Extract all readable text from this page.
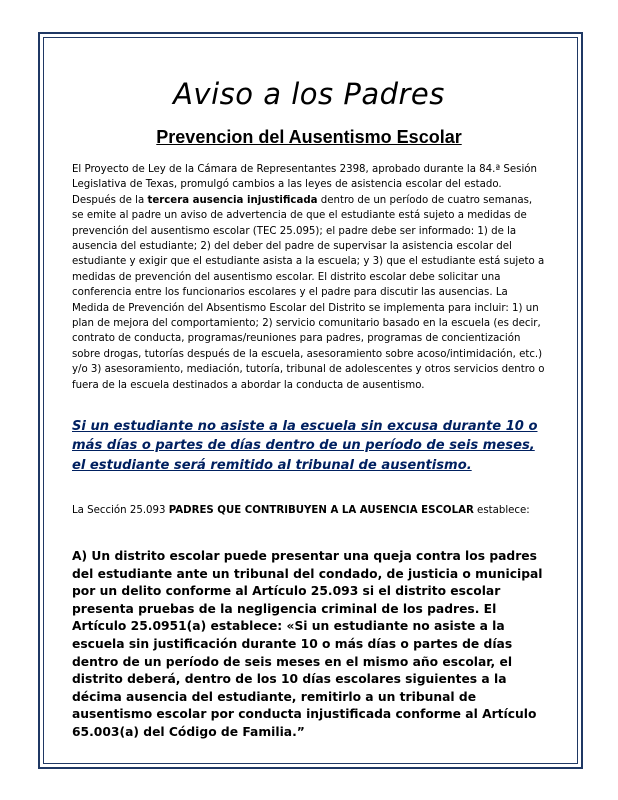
Aviso a los Padres
Prevencion del Ausentismo Escolar

El Proyecto de Ley de la Cámara de Representantes 2398, aprobado durante la 84.ª Sesión Legislativa de Texas, promulgó cambios a las leyes de asistencia escolar del estado. Después de la tercera ausencia injustificada dentro de un período de cuatro semanas, se emite al padre un aviso de advertencia de que el estudiante está sujeto a medidas de prevención del ausentismo escolar (TEC 25.095); el padre debe ser informado: 1) de la ausencia del estudiante; 2) del deber del padre de supervisar la asistencia escolar del estudiante y exigir que el estudiante asista a la escuela; y 3) que el estudiante está sujeto a medidas de prevención del ausentismo escolar. El distrito escolar debe solicitar una conferencia entre los funcionarios escolares y el padre para discutir las ausencias. La Medida de Prevención del Absentismo Escolar del Distrito se implementa para incluir: 1) un plan de mejora del comportamiento; 2) servicio comunitario basado en la escuela (es decir, contrato de conducta, programas/reuniones para padres, programas de concientización sobre drogas, tutorías después de la escuela, asesoramiento sobre acoso/intimidación, etc.) y/o 3) asesoramiento, mediación, tutoría, tribunal de adolescentes y otros servicios dentro o fuera de la escuela destinados a abordar la conducta de ausentismo.

Si un estudiante no asiste a la escuela sin excusa durante 10 o más días o partes de días dentro de un período de seis meses, el estudiante será remitido al tribunal de ausentismo.

La Sección 25.093 PADRES QUE CONTRIBUYEN A LA AUSENCIA ESCOLAR establece:

A) Un distrito escolar puede presentar una queja contra los padres del estudiante ante un tribunal del condado, de justicia o municipal por un delito conforme al Artículo 25.093 si el distrito escolar presenta pruebas de la negligencia criminal de los padres. El Artículo 25.0951(a) establece: «Si un estudiante no asiste a la escuela sin justificación durante 10 o más días o partes de días dentro de un período de seis meses en el mismo año escolar, el distrito deberá, dentro de los 10 días escolares siguientes a la décima ausencia del estudiante, remitirlo a un tribunal de ausentismo escolar por conducta injustificada conforme al Artículo 65.003(a) del Código de Familia.”
